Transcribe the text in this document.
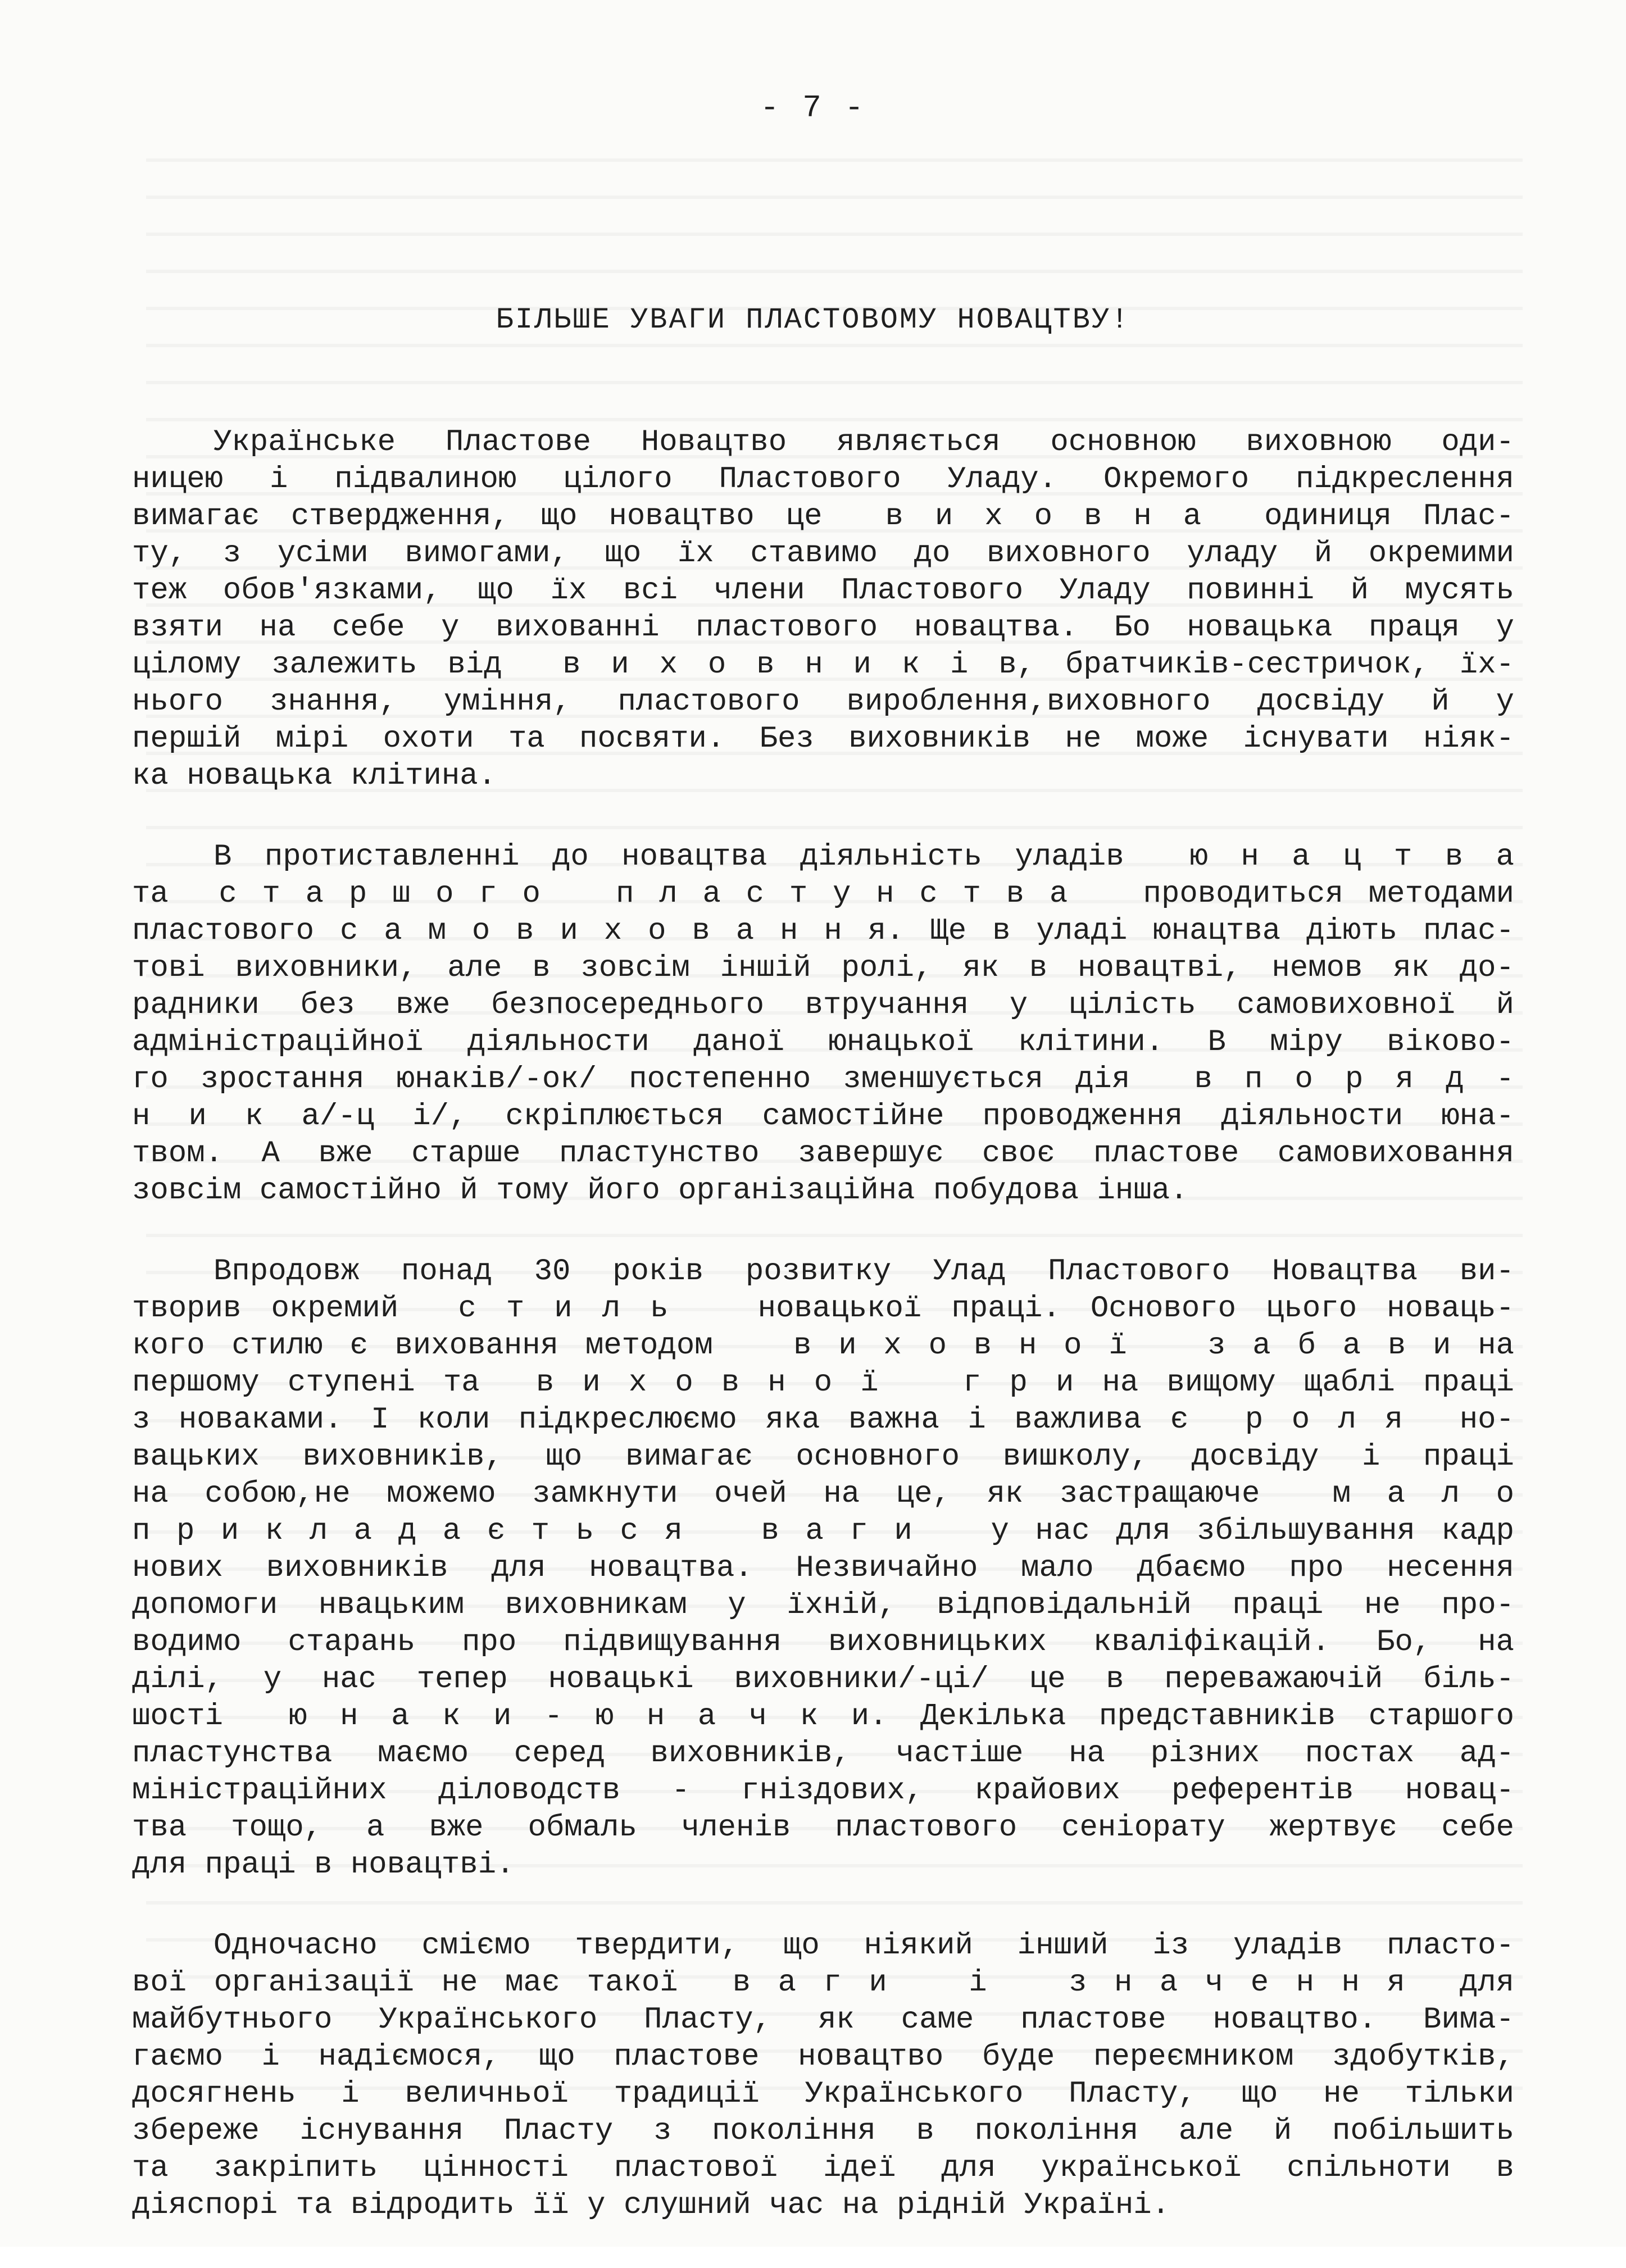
- 7 -
БІЛЬШЕ УВАГИ ПЛАСТОВОМУ НОВАЦТВУ!
Українське Пластове Новацтво являється основною виховною оди-
ницею і підвалиною цілого Пластового Уладу. Окремого підкреслення
вимагає ствердження, що новацтво це  в и х о в н а  одиниця Плас-
ту, з усіми вимогами, що їх ставимо до виховного уладу й окремими
теж обов'язками, що їх всі члени Пластового Уладу повинні й мусять
взяти на себе у вихованні пластового новацтва. Бо новацька праця у
цілому залежить від  в и х о в н и к і в, братчиків-сестричок, їх-
нього знання, уміння, пластового вироблення,виховного досвіду й у
першій мірі охоти та посвяти. Без виховників не може існувати ніяк-
ка новацька клітина.
В протиставленні до новацтва діяльність уладів  ю н а ц т в а
та  с т а р ш о г о   п л а с т у н с т в а   проводиться методами
пластового с а м о в и х о в а н н я. Ще в уладі юнацтва діють плас-
тові виховники, але в зовсім іншій ролі, як в новацтві, немов як до-
радники без вже безпосереднього втручання у цілість самовиховної й
адміністраційної діяльности даної юнацької клітини. В міру віково-
го зростання юнаків/-ок/ постепенно зменшується дія  в п о р я д -
н и к а/-ц і/, скріплюється самостійне проводження діяльности юна-
твом. А вже старше пластунство завершує своє пластове самовиховання
зовсім самостійно й тому його організаційна побудова інша.
Впродовж понад 30 років розвитку Улад Пластового Новацтва ви-
творив окремий  с т и л ь   новацької праці. Основого цього новаць-
кого стилю є виховання методом   в и х о в н о ї   з а б а в и на
першому ступені та  в и х о в н о ї   г р и на вищому щаблі праці
з новаками. І коли підкреслюємо яка важна і важлива є  р о л я  но-
вацьких виховників, що вимагає основного вишколу, досвіду і праці
на собою,не можемо замкнути очей на це, як застращаюче  м а л о
п р и к л а д а є т ь с я   в а г и   у нас для збільшування кадр
нових виховників для новацтва. Незвичайно мало дбаємо про несення
допомоги нвацьким виховникам у їхній, відповідальній праці не про-
водимо старань про підвищування виховницьких кваліфікацій. Бо, на
ділі, у нас тепер новацькі виховники/-ці/ це в переважаючій біль-
шості  ю н а к и - ю н а ч к и. Декілька представників старшого
пластунства маємо серед виховників, частіше на різних постах ад-
міністраційних діловодств - гніздових, крайових референтів новац-
тва тощо, а вже обмаль членів пластового сеніорату жертвує себе
для праці в новацтві.
Одночасно сміємо твердити, що ніякий інший із уладів пласто-
вої організації не має такої  в а г и   і   з н а ч е н н я  для
майбутнього Українського Пласту, як саме пластове новацтво. Вима-
гаємо і надіємося, що пластове новацтво буде переємником здобутків,
досягнень і величньої традиції Українського Пласту, що не тільки
збереже існування Пласту з покоління в покоління але й побільшить
та закріпить цінності пластової ідеї для української спільноти в
діяспорі та відродить її у слушний час на рідній Україні.
